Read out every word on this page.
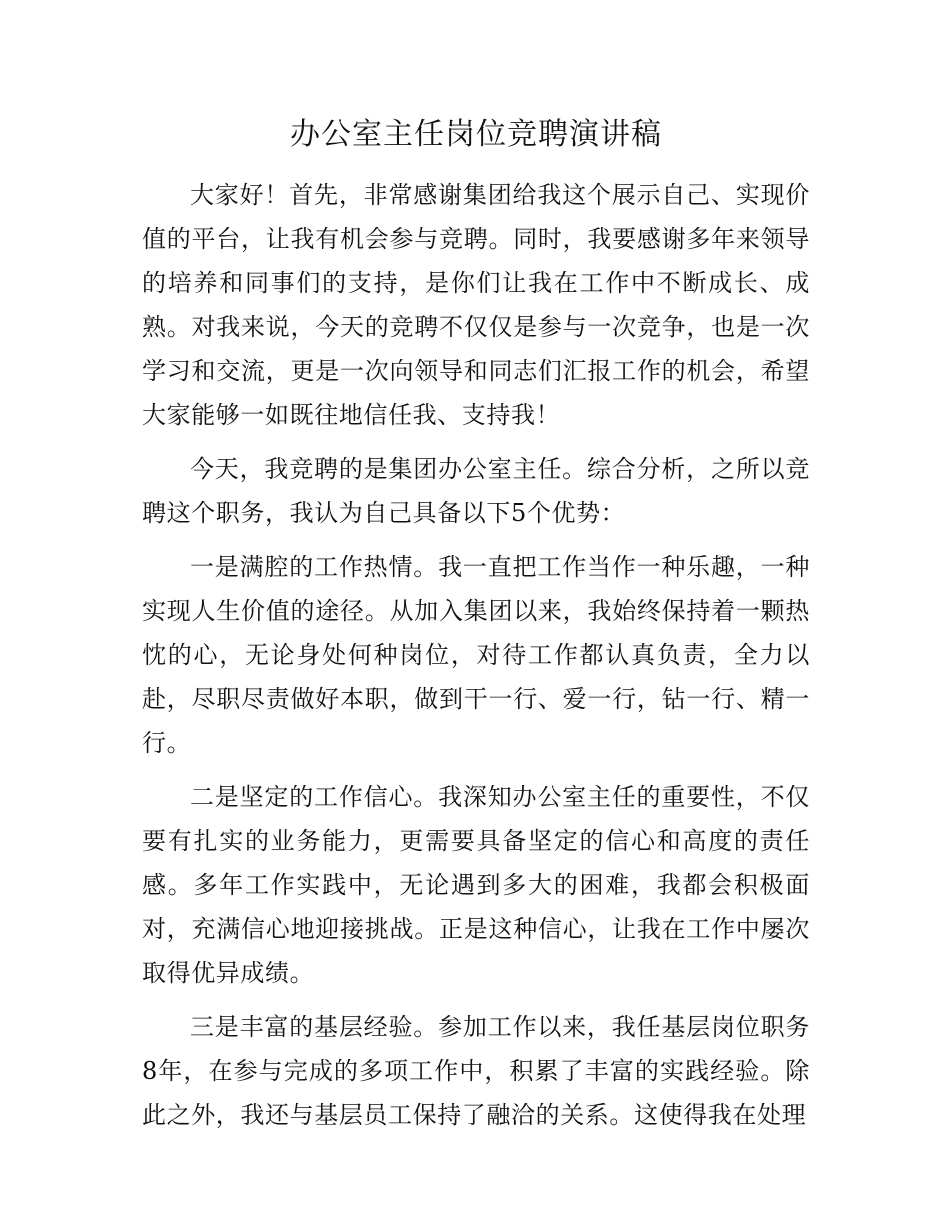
办公室主任岗位竞聘演讲稿

大家好！首先，非常感谢集团给我这个展示自己、实现价值的平台，让我有机会参与竞聘。同时，我要感谢多年来领导的培养和同事们的支持，是你们让我在工作中不断成长、成熟。对我来说，今天的竞聘不仅仅是参与一次竞争，也是一次学习和交流，更是一次向领导和同志们汇报工作的机会，希望大家能够一如既往地信任我、支持我！

今天，我竞聘的是集团办公室主任。综合分析，之所以竞聘这个职务，我认为自己具备以下5个优势：

一是满腔的工作热情。我一直把工作当作一种乐趣，一种实现人生价值的途径。从加入集团以来，我始终保持着一颗热忱的心，无论身处何种岗位，对待工作都认真负责，全力以赴，尽职尽责做好本职，做到干一行、爱一行，钻一行、精一行。

二是坚定的工作信心。我深知办公室主任的重要性，不仅要有扎实的业务能力，更需要具备坚定的信心和高度的责任感。多年工作实践中，无论遇到多大的困难，我都会积极面对，充满信心地迎接挑战。正是这种信心，让我在工作中屡次取得优异成绩。

三是丰富的基层经验。参加工作以来，我任基层岗位职务8年，在参与完成的多项工作中，积累了丰富的实践经验。除此之外，我还与基层员工保持了融洽的关系。这使得我在处理
